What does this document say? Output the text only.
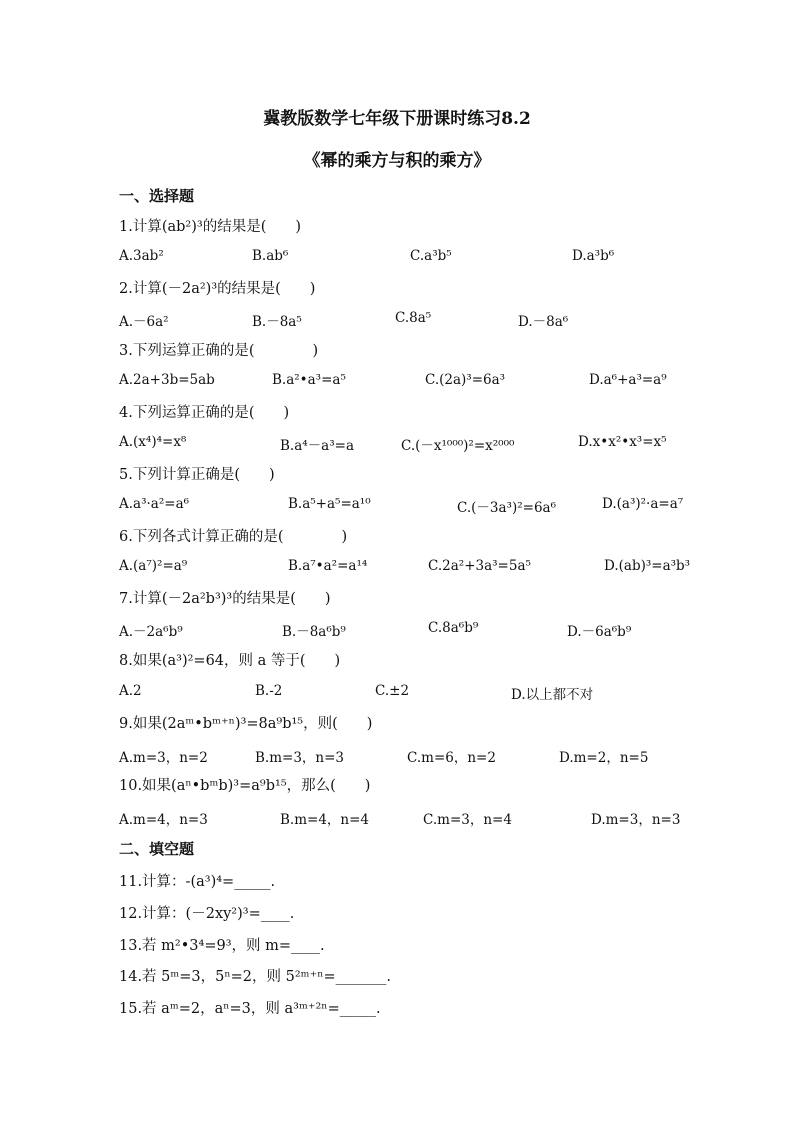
冀教版数学七年级下册课时练习8.2
《幂的乘方与积的乘方》
一、选择题
1.计算(ab²)³的结果是(　　)
A.3ab²	B.ab⁶	C.a³b⁵	D.a³b⁶
2.计算(－2a²)³的结果是(　　)
A.－6a²	B.－8a⁵	C.8a⁵	D.－8a⁶
3.下列运算正确的是(　　　　)
A.2a+3b=5ab	B.a²•a³=a⁵	C.(2a)³=6a³	D.a⁶+a³=a⁹
4.下列运算正确的是(　　)
A.(x⁴)⁴=x⁸	B.a⁴－a³=a	C.(－x¹⁰⁰⁰)²=x²⁰⁰⁰	D.x•x²•x³=x⁵
5.下列计算正确是(　　)
A.a³·a²=a⁶	B.a⁵+a⁵=a¹⁰	C.(－3a³)²=6a⁶	D.(a³)²·a=a⁷
6.下列各式计算正确的是(　　　　)
A.(a⁷)²=a⁹	B.a⁷•a²=a¹⁴	C.2a²+3a³=5a⁵	D.(ab)³=a³b³
7.计算(－2a²b³)³的结果是(　　)
A.－2a⁶b⁹	B.－8a⁶b⁹	C.8a⁶b⁹	D.－6a⁶b⁹
8.如果(a³)²=64，则 a 等于(　　)
A.2	B.-2	C.±2	D.以上都不对
9.如果(2aᵐ•bᵐ⁺ⁿ)³=8a⁹b¹⁵，则(　　)
A.m=3，n=2	B.m=3，n=3	C.m=6，n=2	D.m=2，n=5
10.如果(aⁿ•bᵐb)³=a⁹b¹⁵，那么(　　)
A.m=4，n=3	B.m=4，n=4	C.m=3，n=4	D.m=3，n=3
二、填空题
11.计算：-(a³)⁴=_____.
12.计算：(－2xy²)³=____.
13.若 m²•3⁴=9³，则 m=____.
14.若 5ᵐ=3，5ⁿ=2，则 5²ᵐ⁺ⁿ=_______.
15.若 aᵐ=2，aⁿ=3，则 a³ᵐ⁺²ⁿ=_____.
